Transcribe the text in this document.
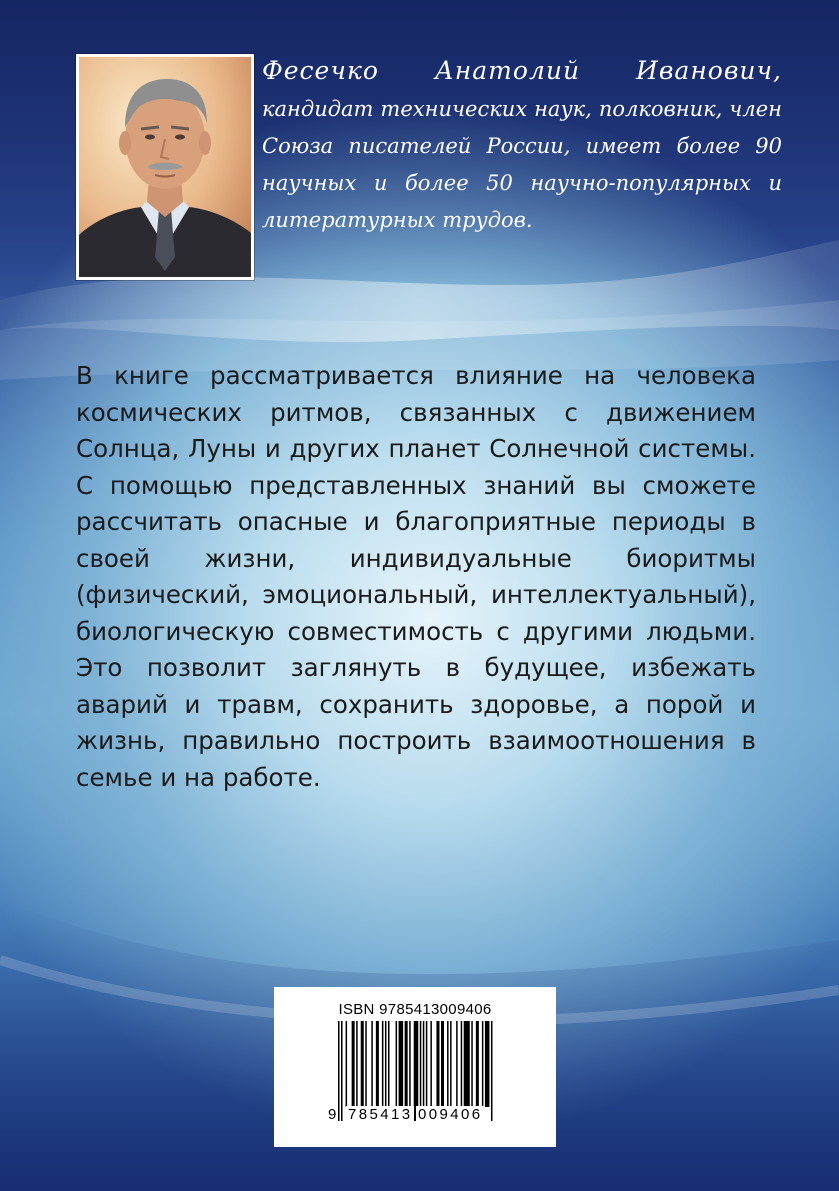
Фесечко Анатолий Иванович, кандидат технических наук, полковник, член Союза писателей России, имеет более 90 научных и более 50 научно-популярных и литературных трудов.

В книге рассматривается влияние на человека космических ритмов, связанных с движением Солнца, Луны и других планет Солнечной системы. С помощью представленных знаний вы сможете рассчитать опасные и благоприятные периоды в своей жизни, индивидуальные биоритмы (физический, эмоциональный, интеллектуальный), биологическую совместимость с другими людьми. Это позволит заглянуть в будущее, избежать аварий и травм, сохранить здоровье, а порой и жизнь, правильно построить взаимоотношения в семье и на работе.

ISBN 9785413009406
9 785413 009406
